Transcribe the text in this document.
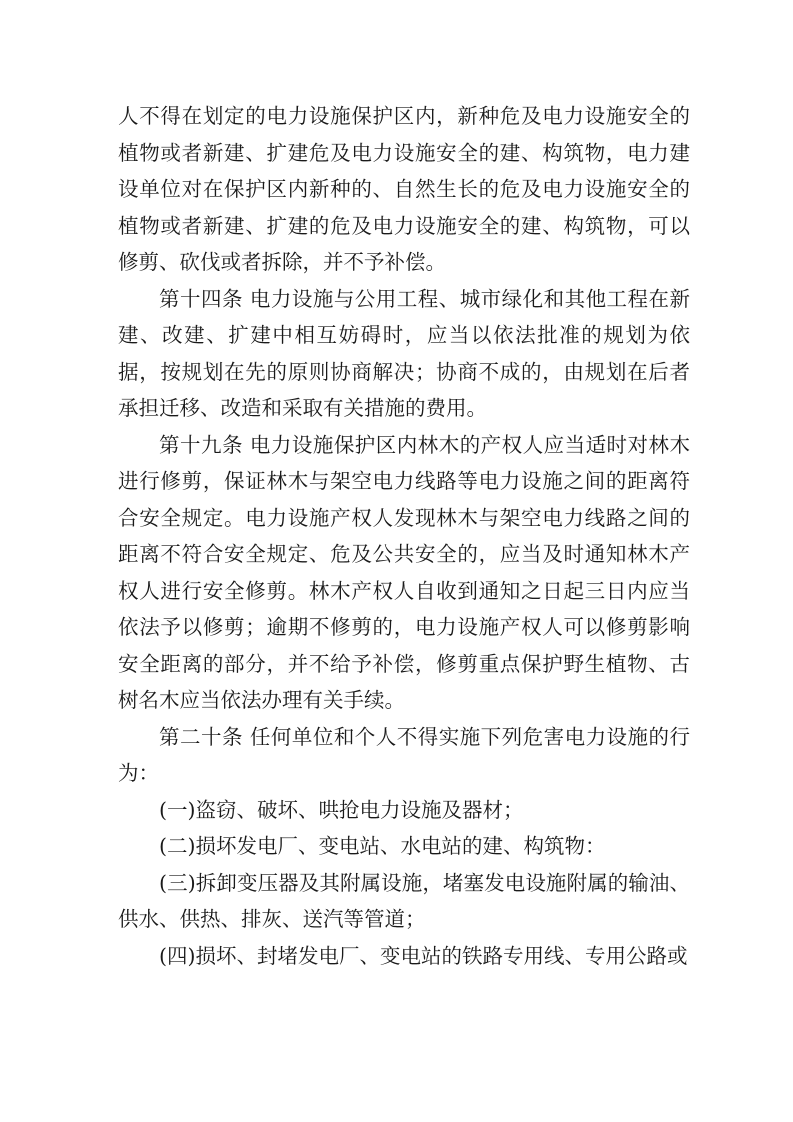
人不得在划定的电力设施保护区内，新种危及电力设施安全的植物或者新建、扩建危及电力设施安全的建、构筑物，电力建设单位对在保护区内新种的、自然生长的危及电力设施安全的植物或者新建、扩建的危及电力设施安全的建、构筑物，可以修剪、砍伐或者拆除，并不予补偿。

第十四条 电力设施与公用工程、城市绿化和其他工程在新建、改建、扩建中相互妨碍时，应当以依法批准的规划为依据，按规划在先的原则协商解决；协商不成的，由规划在后者承担迁移、改造和采取有关措施的费用。

第十九条 电力设施保护区内林木的产权人应当适时对林木进行修剪，保证林木与架空电力线路等电力设施之间的距离符合安全规定。电力设施产权人发现林木与架空电力线路之间的距离不符合安全规定、危及公共安全的，应当及时通知林木产权人进行安全修剪。林木产权人自收到通知之日起三日内应当依法予以修剪；逾期不修剪的，电力设施产权人可以修剪影响安全距离的部分，并不给予补偿，修剪重点保护野生植物、古树名木应当依法办理有关手续。

第二十条 任何单位和个人不得实施下列危害电力设施的行为：

(一)盗窃、破坏、哄抢电力设施及器材；

(二)损坏发电厂、变电站、水电站的建、构筑物：

(三)拆卸变压器及其附属设施，堵塞发电设施附属的输油、供水、供热、排灰、送汽等管道；

(四)损坏、封堵发电厂、变电站的铁路专用线、专用公路或
